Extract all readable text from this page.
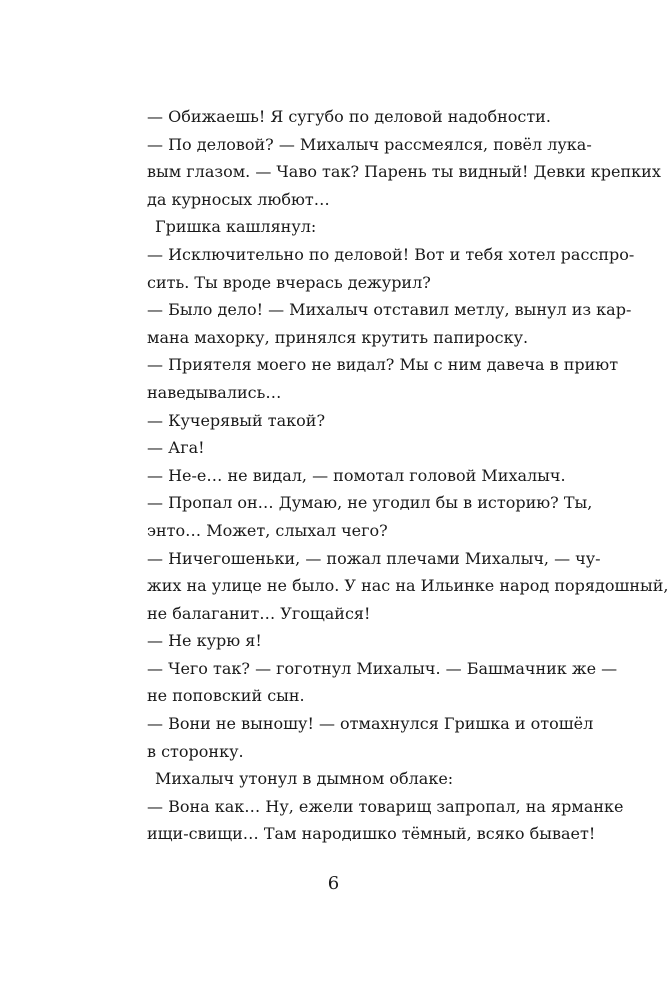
— Обижаешь! Я сугубо по деловой надобности.
— По деловой? — Михалыч рассмеялся, повёл лука-
вым глазом. — Чаво так? Парень ты видный! Девки крепких
да курносых любют…
Гришка кашлянул:
— Исключительно по деловой! Вот и тебя хотел расспро-
сить. Ты вроде вчерась дежурил?
— Было дело! — Михалыч отставил метлу, вынул из кар-
мана махорку, принялся крутить папироску.
— Приятеля моего не видал? Мы с ним давеча в приют
наведывались…
— Кучерявый такой?
— Ага!
— Не-е… не видал, — помотал головой Михалыч.
— Пропал он… Думаю, не угодил бы в историю? Ты,
энто… Может, слыхал чего?
— Ничегошеньки, — пожал плечами Михалыч, — чу-
жих на улице не было. У нас на Ильинке народ порядошный,
не балаганит… Угощайся!
— Не курю я!
— Чего так? — гоготнул Михалыч. — Башмачник же —
не поповский сын.
— Вони не выношу! — отмахнулся Гришка и отошёл
в сторонку.
Михалыч утонул в дымном облаке:
— Вона как… Ну, ежели товарищ запропал, на ярманке
ищи-свищи… Там народишко тёмный, всяко бывает!
6
